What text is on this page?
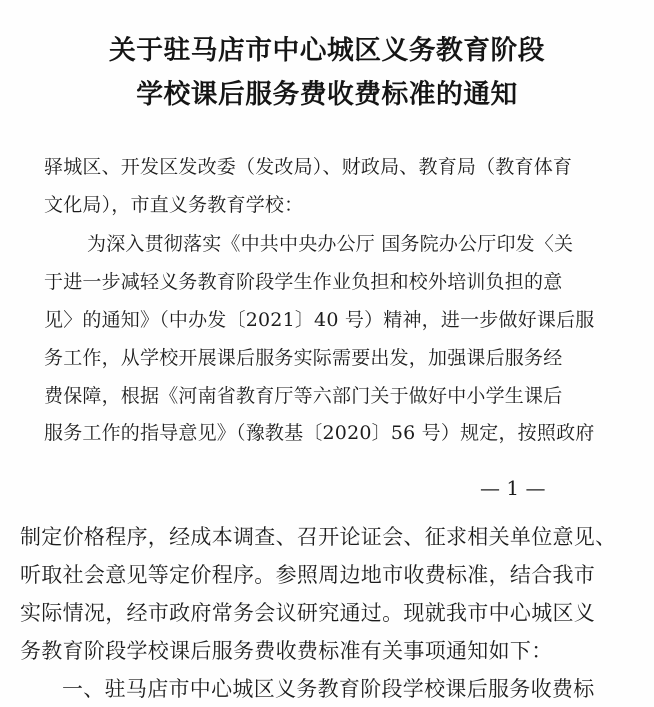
关于驻马店市中心城区义务教育阶段
学校课后服务费收费标准的通知
驿城区、开发区发改委（发改局）、财政局、教育局（教育体育
文化局），市直义务教育学校：
为深入贯彻落实《中共中央办公厅 国务院办公厅印发〈关
于进一步减轻义务教育阶段学生作业负担和校外培训负担的意
见〉的通知》（中办发〔2021〕40 号）精神，进一步做好课后服
务工作，从学校开展课后服务实际需要出发，加强课后服务经
费保障，根据《河南省教育厅等六部门关于做好中小学生课后
服务工作的指导意见》（豫教基〔2020〕56 号）规定，按照政府
— 1 —
制定价格程序，经成本调查、召开论证会、征求相关单位意见、
听取社会意见等定价程序。参照周边地市收费标准，结合我市
实际情况，经市政府常务会议研究通过。现就我市中心城区义
务教育阶段学校课后服务费收费标准有关事项通知如下：
一、驻马店市中心城区义务教育阶段学校课后服务收费标
